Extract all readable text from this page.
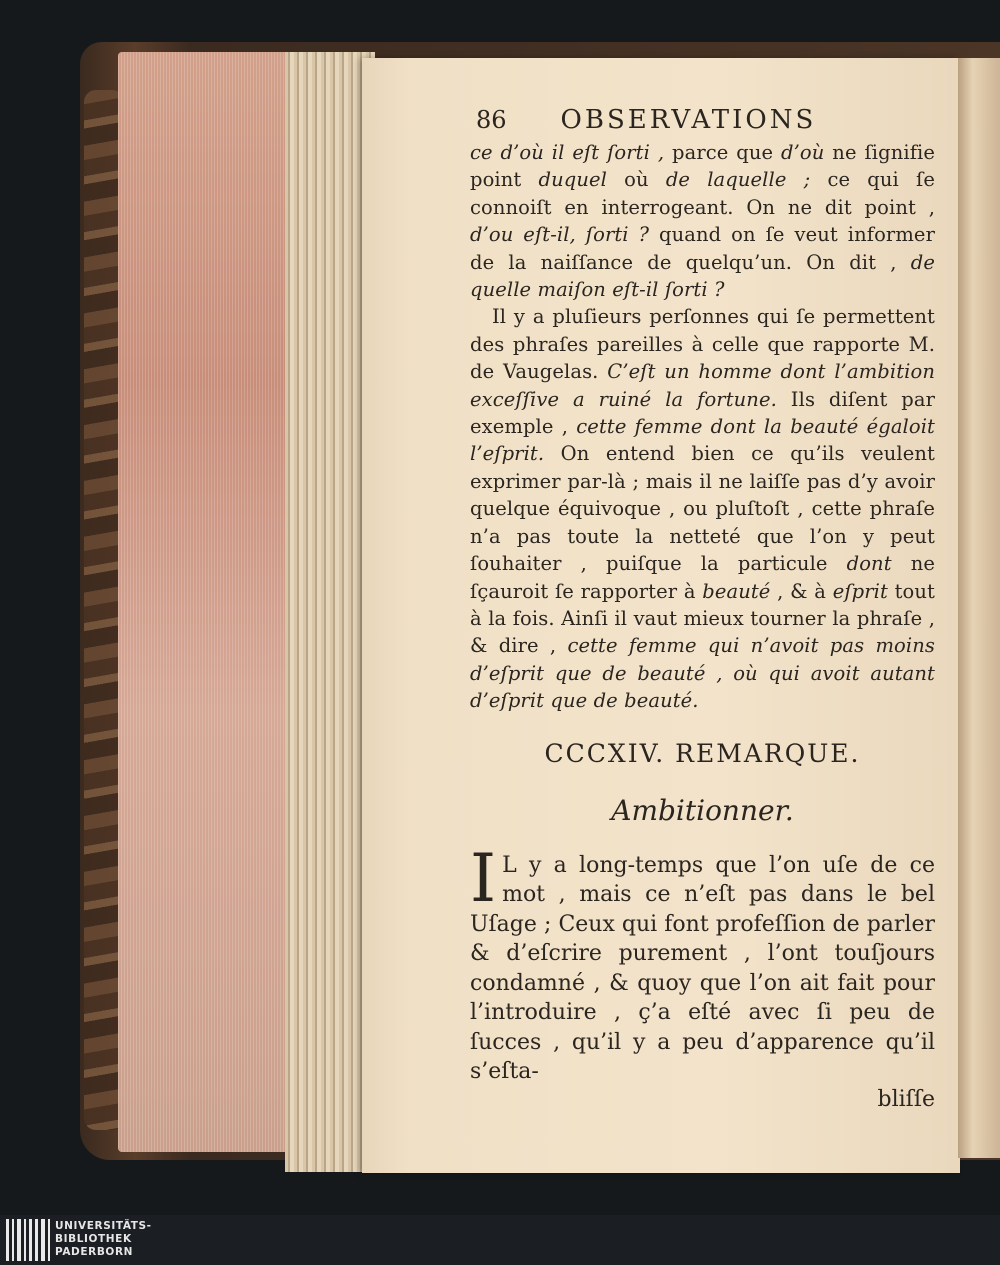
86 OBSERVATIONS
ce d’où il eſt ſorti , parce que d’où ne ſignifie point duquel où de laquelle ; ce qui ſe connoiſt en interrogeant. On ne dit point , d’ou eſt-il, ſorti ? quand on ſe veut informer de la naiſſance de quelqu’un. On dit , de quelle maiſon eſt-il ſorti ?
Il y a pluſieurs perſonnes qui ſe permettent des phraſes pareilles à celle que rapporte M. de Vaugelas. C’eſt un homme dont l’ambition exceſſive a ruiné la fortune. Ils diſent par exemple , cette femme dont la beauté égaloit l’eſprit. On entend bien ce qu’ils veulent exprimer par-là ; mais il ne laiſſe pas d’y avoir quelque équivoque , ou pluſtoſt , cette phraſe n’a pas toute la netteté que l’on y peut ſouhaiter , puiſque la particule dont ne ſçauroit ſe rapporter à beauté , & à eſprit tout à la fois. Ainſi il vaut mieux tourner la phraſe , & dire , cette femme qui n’avoit pas moins d’eſprit que de beauté , où qui avoit autant d’eſprit que de beauté.
CCCXIV. REMARQUE.
Ambitionner.
I L y a long-temps que l’on uſe de ce mot , mais ce n’eſt pas dans le bel Uſage ; Ceux qui font profeſſion de parler & d’eſcrire purement , l’ont touſjours condamné , & quoy que l’on ait fait pour l’introduire , ç’a eſté avec ſi peu de ſucces , qu’il y a peu d’apparence qu’il s’eſta-
bliſſe
UNIVERSITÄTS-
BIBLIOTHEK
PADERBORN
